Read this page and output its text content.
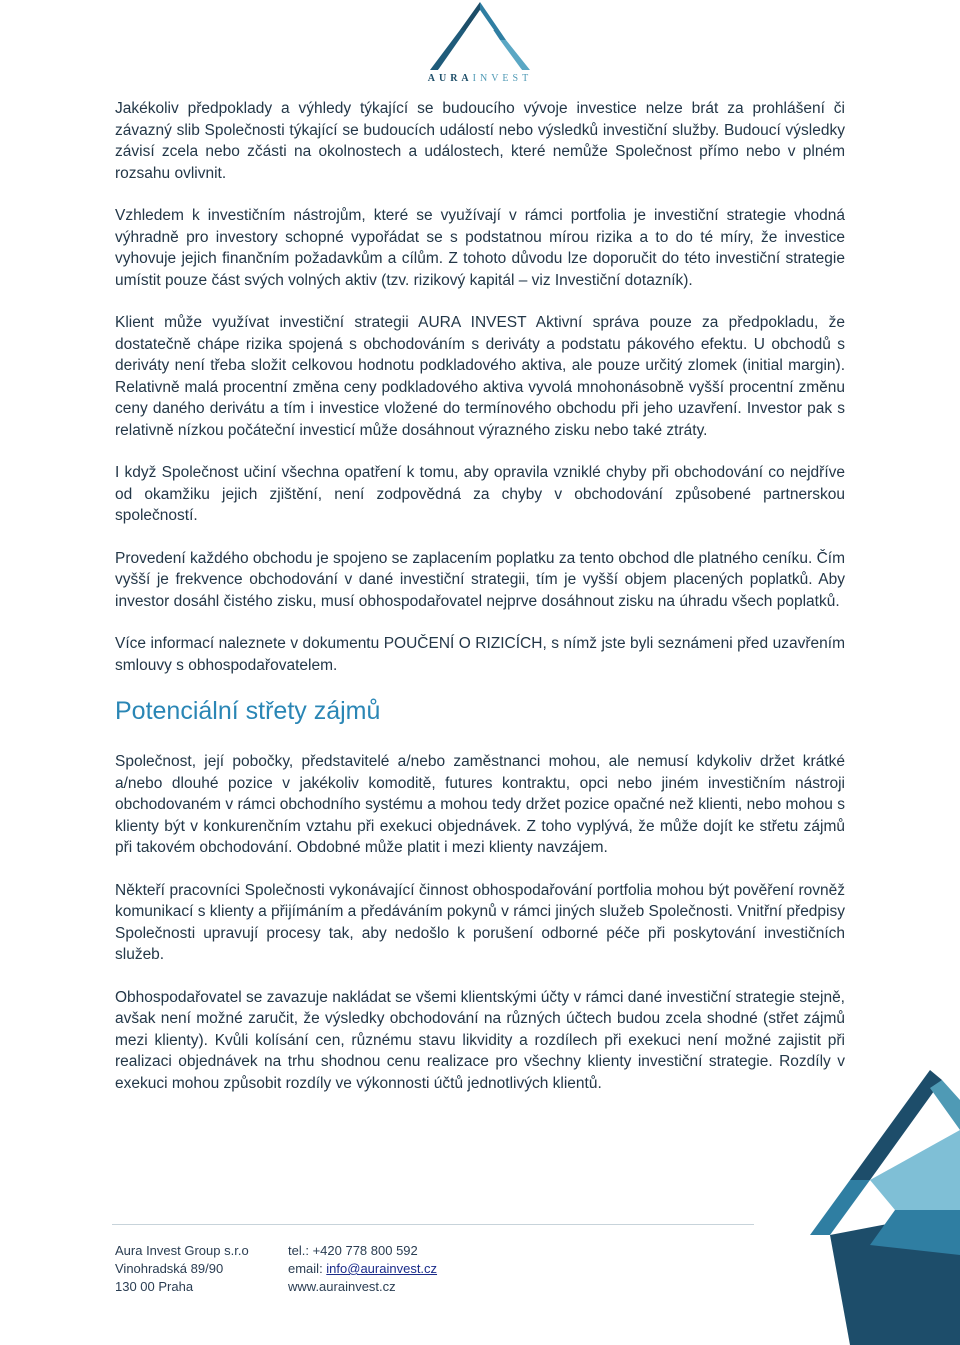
AURAINVEST

Jakékoliv předpoklady a výhledy týkající se budoucího vývoje investice nelze brát za prohlášení či závazný slib Společnosti týkající se budoucích událostí nebo výsledků investiční služby. Budoucí výsledky závisí zcela nebo zčásti na okolnostech a událostech, které nemůže Společnost přímo nebo v plném rozsahu ovlivnit.

Vzhledem k investičním nástrojům, které se využívají v rámci portfolia je investiční strategie vhodná výhradně pro investory schopné vypořádat se s podstatnou mírou rizika a to do té míry, že investice vyhovuje jejich finančním požadavkům a cílům. Z tohoto důvodu lze doporučit do této investiční strategie umístit pouze část svých volných aktiv (tzv. rizikový kapitál – viz Investiční dotazník).

Klient může využívat investiční strategii AURA INVEST Aktivní správa pouze za předpokladu, že dostatečně chápe rizika spojená s obchodováním s deriváty a podstatu pákového efektu. U obchodů s deriváty není třeba složit celkovou hodnotu podkladového aktiva, ale pouze určitý zlomek (initial margin). Relativně malá procentní změna ceny podkladového aktiva vyvolá mnohonásobně vyšší procentní změnu ceny daného derivátu a tím i investice vložené do termínového obchodu při jeho uzavření. Investor pak s relativně nízkou počáteční investicí může dosáhnout výrazného zisku nebo také ztráty.

I když Společnost učiní všechna opatření k tomu, aby opravila vzniklé chyby při obchodování co nejdříve od okamžiku jejich zjištění, není zodpovědná za chyby v obchodování způsobené partnerskou společností.

Provedení každého obchodu je spojeno se zaplacením poplatku za tento obchod dle platného ceníku. Čím vyšší je frekvence obchodování v dané investiční strategii, tím je vyšší objem placených poplatků. Aby investor dosáhl čistého zisku, musí obhospodařovatel nejprve dosáhnout zisku na úhradu všech poplatků.

Více informací naleznete v dokumentu POUČENÍ O RIZICÍCH, s nímž jste byli seznámeni před uzavřením smlouvy s obhospodařovatelem.

Potenciální střety zájmů

Společnost, její pobočky, představitelé a/nebo zaměstnanci mohou, ale nemusí kdykoliv držet krátké a/nebo dlouhé pozice v jakékoliv komoditě, futures kontraktu, opci nebo jiném investičním nástroji obchodovaném v rámci obchodního systému a mohou tedy držet pozice opačné než klienti, nebo mohou s klienty být v konkurenčním vztahu při exekuci objednávek. Z toho vyplývá, že může dojít ke střetu zájmů při takovém obchodování. Obdobné může platit i mezi klienty navzájem.

Někteří pracovníci Společnosti vykonávající činnost obhospodařování portfolia mohou být pověření rovněž komunikací s klienty a přijímáním a předáváním pokynů v rámci jiných služeb Společnosti. Vnitřní předpisy Společnosti upravují procesy tak, aby nedošlo k porušení odborné péče při poskytování investičních služeb.

Obhospodařovatel se zavazuje nakládat se všemi klientskými účty v rámci dané investiční strategie stejně, avšak není možné zaručit, že výsledky obchodování na různých účtech budou zcela shodné (střet zájmů mezi klienty). Kvůli kolísání cen, různému stavu likvidity a rozdílech při exekuci není možné zajistit při realizaci objednávek na trhu shodnou cenu realizace pro všechny klienty investiční strategie. Rozdíly v exekuci mohou způsobit rozdíly ve výkonnosti účtů jednotlivých klientů.

Aura Invest Group s.r.o
Vinohradská 89/90
130 00 Praha
tel.: +420 778 800 592
email: info@aurainvest.cz
www.aurainvest.cz
